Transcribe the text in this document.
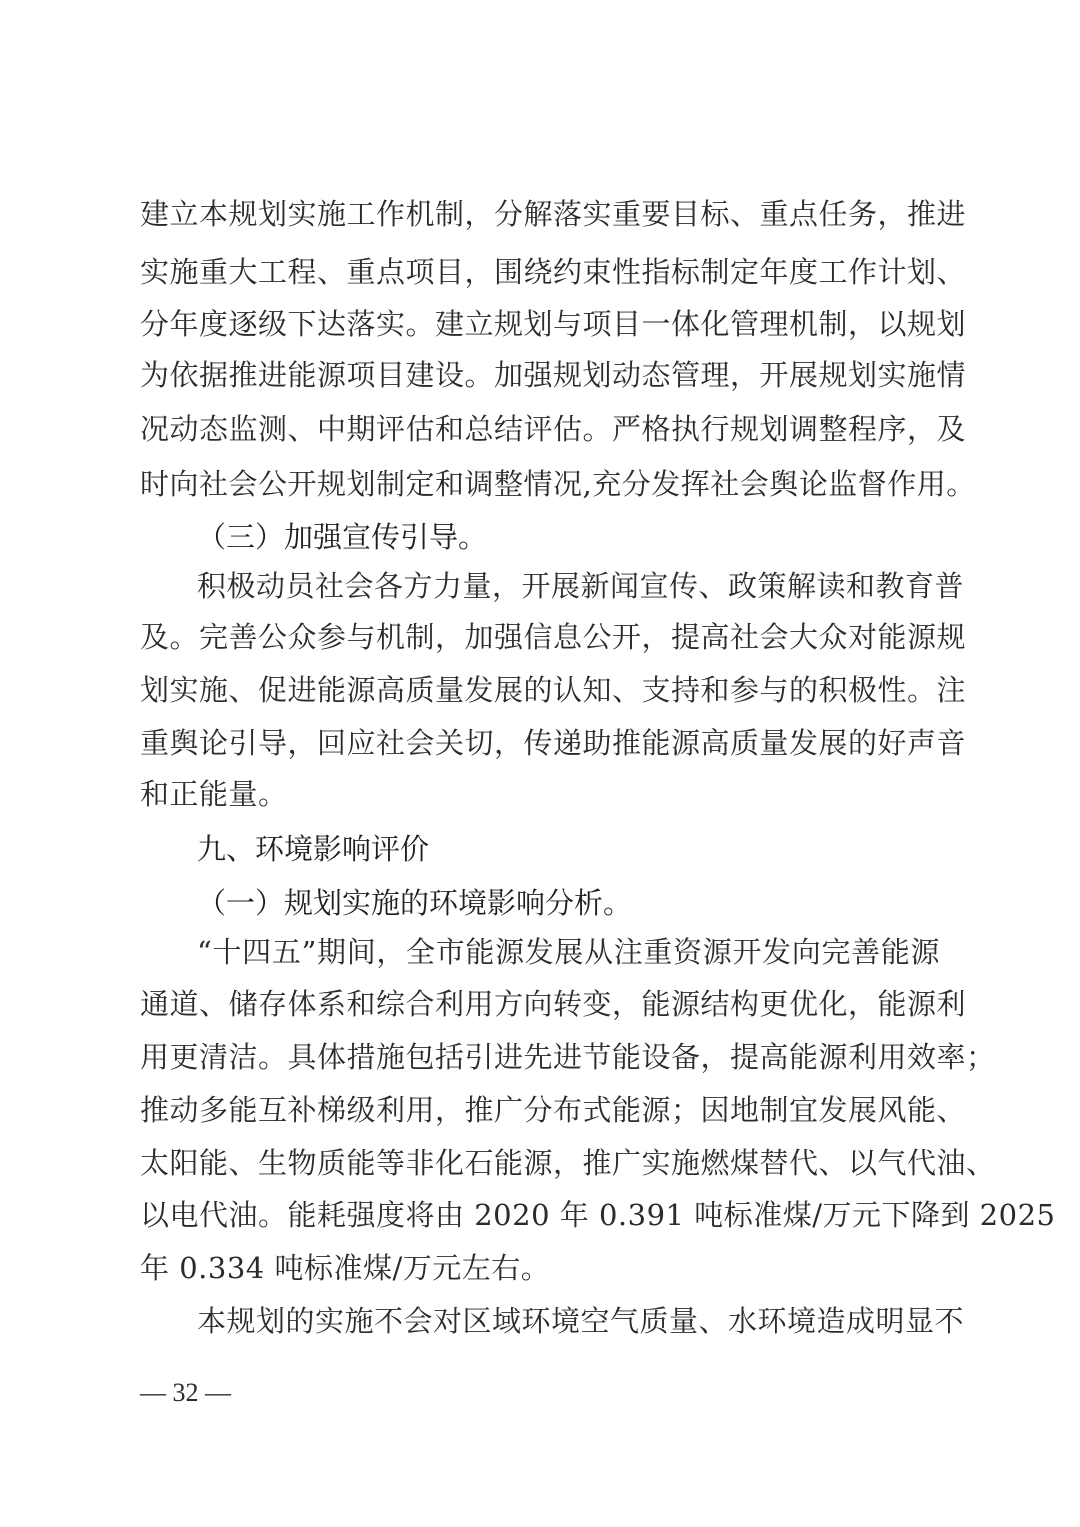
建立本规划实施工作机制，分解落实重要目标、重点任务，推进
实施重大工程、重点项目，围绕约束性指标制定年度工作计划、
分年度逐级下达落实。建立规划与项目一体化管理机制，以规划
为依据推进能源项目建设。加强规划动态管理，开展规划实施情
况动态监测、中期评估和总结评估。严格执行规划调整程序，及
时向社会公开规划制定和调整情况,充分发挥社会舆论监督作用。
（三）加强宣传引导。
积极动员社会各方力量，开展新闻宣传、政策解读和教育普
及。完善公众参与机制，加强信息公开，提高社会大众对能源规
划实施、促进能源高质量发展的认知、支持和参与的积极性。注
重舆论引导，回应社会关切，传递助推能源高质量发展的好声音
和正能量。
九、环境影响评价
（一）规划实施的环境影响分析。
“十四五”期间，全市能源发展从注重资源开发向完善能源
通道、储存体系和综合利用方向转变，能源结构更优化，能源利
用更清洁。具体措施包括引进先进节能设备，提高能源利用效率；
推动多能互补梯级利用，推广分布式能源；因地制宜发展风能、
太阳能、生物质能等非化石能源，推广实施燃煤替代、以气代油、
以电代油。能耗强度将由 2020 年 0.391 吨标准煤/万元下降到 2025
年 0.334 吨标准煤/万元左右。
本规划的实施不会对区域环境空气质量、水环境造成明显不
— 32 —
